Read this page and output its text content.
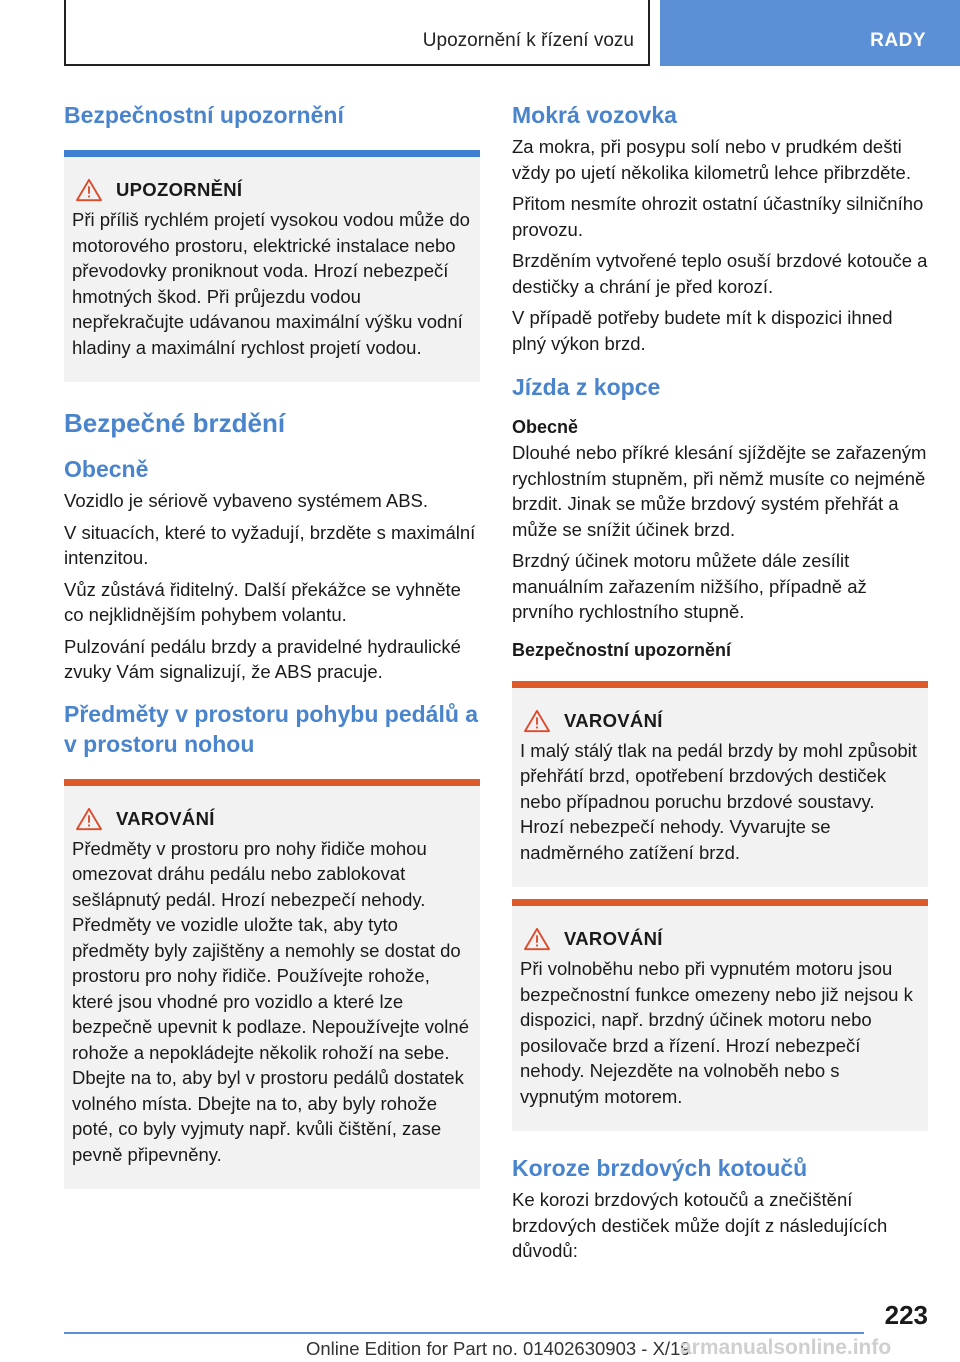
Upozornění k řízení vozu	RADY
Bezpečnostní upozornění
UPOZORNĚNÍ
Při příliš rychlém projetí vysokou vodou může do motorového prostoru, elektrické instalace nebo převodovky proniknout voda. Hrozí nebezpečí hmotných škod. Při průjezdu vodou nepřekračujte udávanou maximální výšku vodní hladiny a maximální rychlost projetí vodou.
Bezpečné brzdění
Obecně

Vozidlo je sériově vybaveno systémem ABS.

V situacích, které to vyžadují, brzděte s maximální intenzitou.

Vůz zůstává řiditelný. Další překážce se vyhněte co nejklidnějším pohybem volantu.

Pulzování pedálu brzdy a pravidelné hydraulické zvuky Vám signalizují, že ABS pracuje.

Předměty v prostoru pohybu pedálů a v prostoru nohou
VAROVÁNÍ
Předměty v prostoru pro nohy řidiče mohou omezovat dráhu pedálu nebo zablokovat sešlápnutý pedál. Hrozí nebezpečí nehody. Předměty ve vozidle uložte tak, aby tyto předměty byly zajištěny a nemohly se dostat do prostoru pro nohy řidiče. Používejte rohože, které jsou vhodné pro vozidlo a které lze bezpečně upevnit k podlaze. Nepoužívejte volné rohože a nepokládejte několik rohoží na sebe. Dbejte na to, aby byl v prostoru pedálů dostatek volného místa. Dbejte na to, aby byly rohože poté, co byly vyjmuty např. kvůli čištění, zase pevně připevněny.
Mokrá vozovka

Za mokra, při posypu solí nebo v prudkém dešti vždy po ujetí několika kilometrů lehce přibrzděte.

Přitom nesmíte ohrozit ostatní účastníky silničního provozu.

Brzděním vytvořené teplo osuší brzdové kotouče a destičky a chrání je před korozí.

V případě potřeby budete mít k dispozici ihned plný výkon brzd.

Jízda z kopce
Obecně

Dlouhé nebo příkré klesání sjíždějte se zařazeným rychlostním stupněm, při němž musíte co nejméně brzdit. Jinak se může brzdový systém přehřát a může se snížit účinek brzd.

Brzdný účinek motoru můžete dále zesílit manuálním zařazením nižšího, případně až prvního rychlostního stupně.

Bezpečnostní upozornění
VAROVÁNÍ
I malý stálý tlak na pedál brzdy by mohl způsobit přehřátí brzd, opotřebení brzdových destiček nebo případnou poruchu brzdové soustavy. Hrozí nebezpečí nehody. Vyvarujte se nadměrného zatížení brzd.
VAROVÁNÍ
Při volnoběhu nebo při vypnutém motoru jsou bezpečnostní funkce omezeny nebo již nejsou k dispozici, např. brzdný účinek motoru nebo posilovače brzd a řízení. Hrozí nebezpečí nehody. Nejezděte na volnoběh nebo s vypnutým motorem.
Koroze brzdových kotoučů

Ke korozi brzdových kotoučů a znečištění brzdových destiček může dojít z následujících důvodů:

223
Online Edition for Part no. 01402630903 - X/19
armanualsonline.info
